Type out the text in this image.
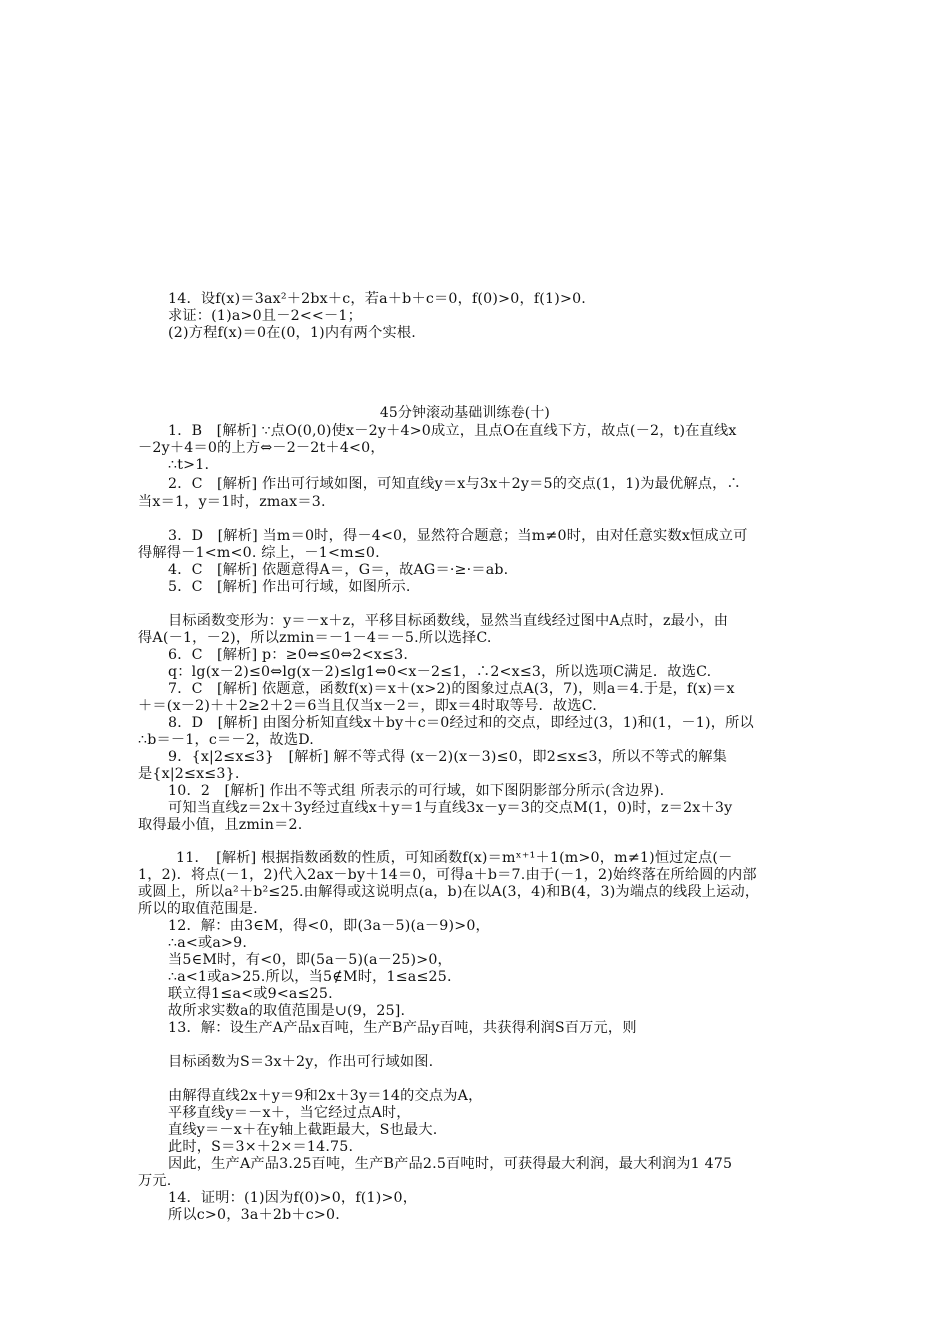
14．设f(x)＝3ax²＋2bx＋c，若a＋b＋c＝0，f(0)>0，f(1)>0.
求证：(1)a>0且－2<<－1；
(2)方程f(x)＝0在(0，1)内有两个实根.
45分钟滚动基础训练卷(十)
1．B　[解析] ∵点O(0,0)使x－2y＋4>0成立，且点O在直线下方，故点(－2，t)在直线x
－2y＋4＝0的上方⇔－2－2t＋4<0，
∴t>1.
2．C　[解析] 作出可行域如图，可知直线y＝x与3x＋2y＝5的交点(1，1)为最优解点，∴
当x＝1，y＝1时，zmax＝3.
3．D　[解析] 当m＝0时，得－4<0，显然符合题意；当m≠0时，由对任意实数x恒成立可
得解得－1<m<0. 综上，－1<m≤0.
4．C　[解析] 依题意得A＝，G＝，故AG＝·≥·＝ab.
5．C　[解析] 作出可行域，如图所示.
目标函数变形为：y＝－x＋z，平移目标函数线，显然当直线经过图中A点时，z最小，由
得A(－1，－2)，所以zmin＝－1－4＝－5.所以选择C.
6．C　[解析] p：≥0⇔≤0⇔2<x≤3.
q：lg(x－2)≤0⇔lg(x－2)≤lg1⇔0<x－2≤1，∴2<x≤3，所以选项C满足．故选C.
7．C　[解析] 依题意，函数f(x)＝x＋(x>2)的图象过点A(3，7)，则a＝4.于是，f(x)＝x
＋＝(x－2)＋＋2≥2＋2＝6当且仅当x－2＝，即x＝4时取等号．故选C.
8．D　[解析] 由图分析知直线x＋by＋c＝0经过和的交点，即经过(3，1)和(1，－1)，所以
∴b＝－1，c＝－2，故选D.
9．{x|2≤x≤3}　[解析] 解不等式得 (x－2)(x－3)≤0，即2≤x≤3，所以不等式的解集
是{x|2≤x≤3}.
10．2　[解析] 作出不等式组 所表示的可行域，如下图阴影部分所示(含边界).
可知当直线z＝2x＋3y经过直线x＋y＝1与直线3x－y＝3的交点M(1，0)时，z＝2x＋3y
取得最小值，且zmin＝2.
11．　[解析] 根据指数函数的性质，可知函数f(x)＝mˣ⁺¹＋1(m>0，m≠1)恒过定点(－
1，2)．将点(－1，2)代入2ax－by＋14＝0，可得a＋b＝7.由于(－1，2)始终落在所给圆的内部
或圆上，所以a²＋b²≤25.由解得或这说明点(a，b)在以A(3，4)和B(4，3)为端点的线段上运动，
所以的取值范围是.
12．解：由3∈M，得<0，即(3a－5)(a－9)>0，
∴a<或a>9.
当5∈M时，有<0，即(5a－5)(a－25)>0，
∴a<1或a>25.所以，当5∉M时，1≤a≤25.
联立得1≤a<或9<a≤25.
故所求实数a的取值范围是∪(9，25].
13．解：设生产A产品x百吨，生产B产品y百吨，共获得利润S百万元，则
目标函数为S＝3x＋2y，作出可行域如图.
由解得直线2x＋y＝9和2x＋3y＝14的交点为A，
平移直线y＝－x＋，当它经过点A时，
直线y＝－x＋在y轴上截距最大，S也最大.
此时，S＝3×＋2×＝14.75.
因此，生产A产品3.25百吨，生产B产品2.5百吨时，可获得最大利润，最大利润为1 475
万元.
14．证明：(1)因为f(0)>0，f(1)>0，
所以c>0，3a＋2b＋c>0.
